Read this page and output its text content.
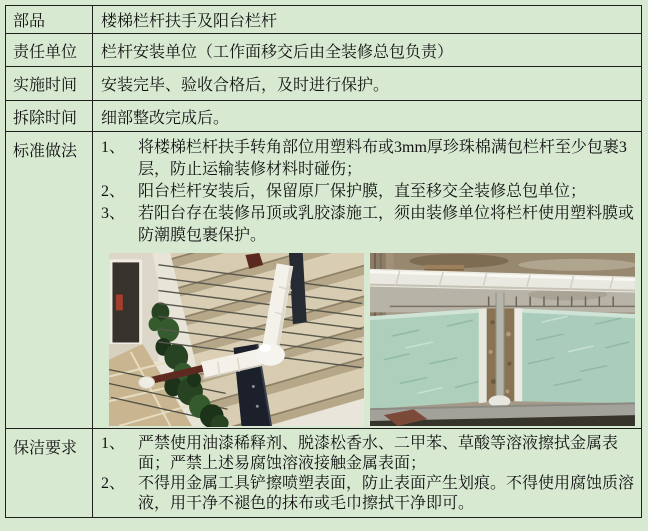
部品	楼梯栏杆扶手及阳台栏杆
责任单位	栏杆安装单位（工作面移交后由全装修总包负责）
实施时间	安装完毕、验收合格后，及时进行保护。
拆除时间	细部整改完成后。
标准做法	1、 将楼梯栏杆扶手转角部位用塑料布或3mm厚珍珠棉满包栏杆至少包裹3层，防止运输装修材料时碰伤；
2、 阳台栏杆安装后，保留原厂保护膜，直至移交全装修总包单位；
3、 若阳台存在装修吊顶或乳胶漆施工，须由装修单位将栏杆使用塑料膜或防潮膜包裹保护。
保洁要求	1、 严禁使用油漆稀释剂、脱漆松香水、二甲苯、草酸等溶液擦拭金属表面；严禁上述易腐蚀溶液接触金属表面；
2、 不得用金属工具铲擦喷塑表面，防止表面产生划痕。不得使用腐蚀质溶液，用干净不褪色的抹布或毛巾擦拭干净即可。
